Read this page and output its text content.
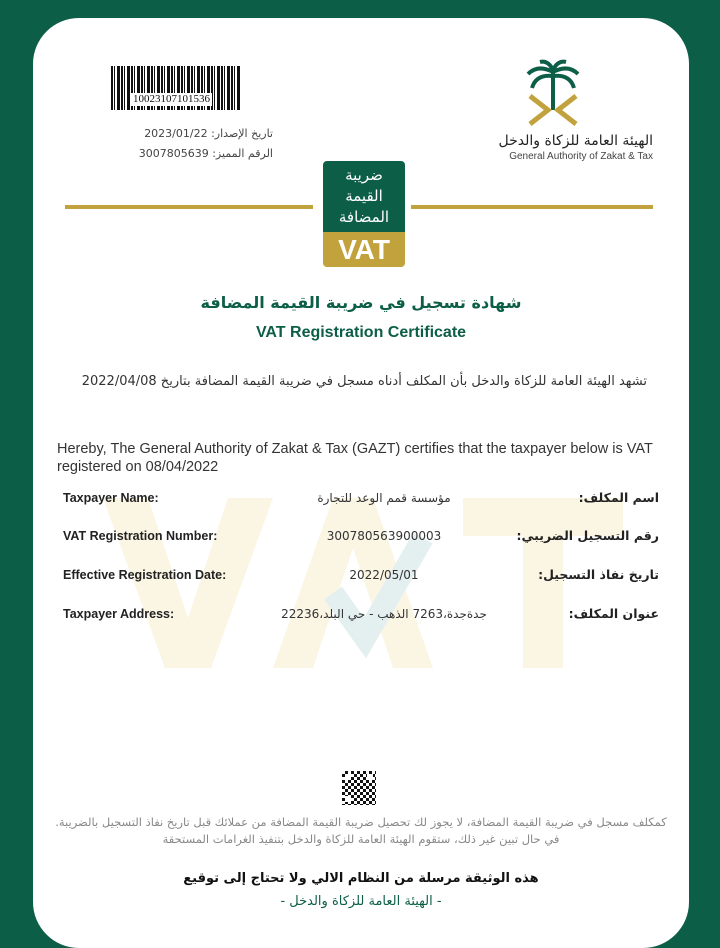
10023107101536
تاريخ الإصدار: 2023/01/22
الرقم المميز: 3007805639
الهيئة العامة للزكاة والدخل
General Authority of Zakat & Tax
ضريبة
القيمة
المضافة
VAT
شهادة تسجيل في ضريبة القيمة المضافة
VAT Registration Certificate
تشهد الهيئة العامة للزكاة والدخل بأن المكلف أدناه مسجل في ضريبة القيمة المضافة بتاريخ 2022/04/08
Hereby, The General Authority of Zakat & Tax (GAZT) certifies that the taxpayer below is VAT registered on 08/04/2022
Taxpayer Name:	مؤسسة قمم الوعد للتجارة	اسم المكلف:
VAT Registration Number:	300780563900003	رقم التسجيل الضريبي:
Effective Registration Date:	2022/05/01	تاريخ نفاذ التسجيل:
Taxpayer Address:	جدةجدة،7263 الذهب - حي البلد،22236	عنوان المكلف:
كمكلف مسجل في ضريبة القيمة المضافة، لا يجوز لك تحصيل ضريبة القيمة المضافة من عملائك قبل تاريخ نفاذ التسجيل بالضريبة. في حال تبين غير ذلك، ستقوم الهيئة العامة للزكاة والدخل بتنفيذ الغرامات المستحقة
هذه الوثيقة مرسلة من النظام الالي ولا تحتاج إلى توقيع
- الهيئة العامة للزكاة والدخل -
